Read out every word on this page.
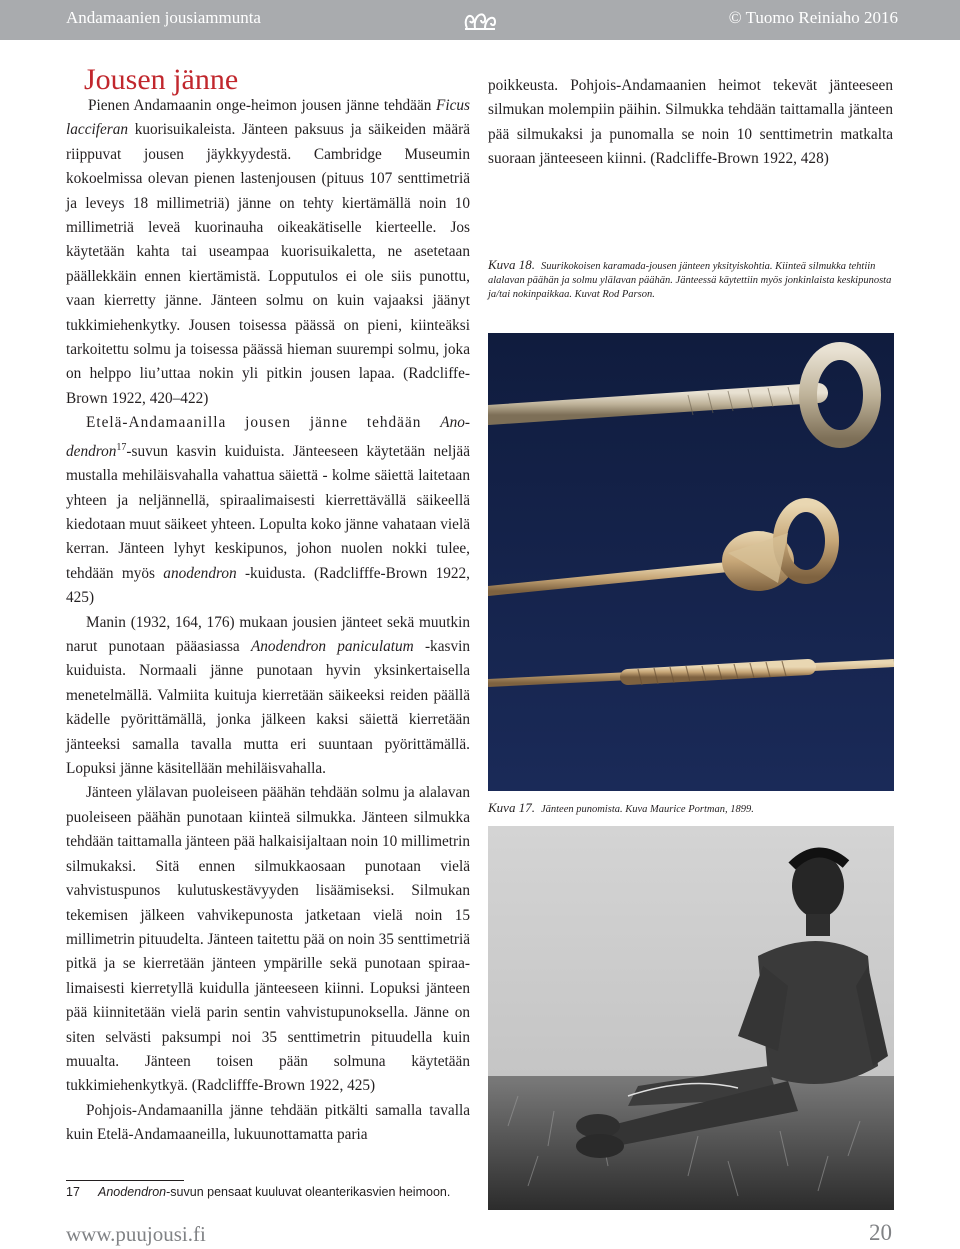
Andamaanien jousiammunta	© Tuomo Reiniaho 2016
Jousen jänne

Pienen Andamaanin onge-heimon jousen jänne tehdään Ficus lacciferan kuorisuikaleista. Jänteen paksuus ja säikeiden määrä riippuvat jousen jäykkyydestä. Cambridge Museumin kokoelmissa olevan pienen lastenjousen (pituus 107 senttimetriä ja leveys 18 millimetriä) jänne on tehty kiertämällä noin 10 millimetriä leveä kuorinauha oikeakätiselle kierteelle. Jos käytetään kahta tai useampaa kuorisuikaletta, ne asetetaan päällekkäin ennen kiertämistä. Lopputulos ei ole siis punottu, vaan kierretty jänne. Jänteen solmu on kuin vajaaksi jäänyt tukkimiehenkytky. Jousen toisessa päässä on pieni, kiinteäksi tarkoitettu solmu ja toisessa päässä hieman suurempi solmu, joka on helppo liu’uttaa nokin yli pitkin jousen lapaa. (Radcliffe-Brown 1922, 420–422)

Etelä-Andamaanilla jousen jänne tehdään Anodendron$^{17}$-suvun kasvin kuiduista. Jänteeseen käytetään neljää mustalla mehiläisvahalla vahattua säiettä - kolme säiettä laitetaan yhteen ja neljännellä, spiraalimaisesti kierrettävällä säikeellä kiedotaan muut säikeet yhteen. Lopulta koko jänne vahataan vielä kerran. Jänteen lyhyt keskipunos, johon nuolen nokki tulee, tehdään myös anodendron -kuidusta. (Radclifffe-Brown 1922, 425)

Manin (1932, 164, 176) mukaan jousien jänteet sekä muutkin narut punotaan pääasiassa Anodendron paniculatum -kasvin kuiduista. Normaali jänne punotaan hyvin yksinkertaisella menetelmällä. Valmiita kuituja kierretään säikeeksi reiden päällä kädelle pyörittämällä, jonka jälkeen kaksi säiettä kierretään jänteeksi samalla tavalla mutta eri suuntaan pyörittämällä. Lopuksi jänne käsitellään mehiläisvahalla.

Jänteen ylälavan puoleiseen päähän tehdään solmu ja alalavan puoleiseen päähän punotaan kiinteä silmukka. Jänteen silmukka tehdään taittamalla jänteen pää halkaisijaltaan noin 10 millimetrin silmukaksi. Sitä ennen silmukkaosaan punotaan vielä vahvistuspunos kulutuskestävyyden lisäämiseksi. Silmukan tekemisen jälkeen vahvikepunosta jatketaan vielä noin 15 millimetrin pituudelta. Jänteen taitettu pää on noin 35 senttimetriä pitkä ja se kierretään jänteen ympärille sekä punotaan spiraalimaisesti kierretyllä kuidulla jänteeseen kiinni. Lopuksi jänteen pää kiinnitetään vielä parin sentin vahvistupunoksella. Jänne on siten selvästi paksumpi noi 35 senttimetrin pituudella kuin muualta. Jänteen toisen pään solmuna käytetään tukkimiehenkytkyä. (Radclifffe-Brown 1922, 425)

Pohjois-Andamaanilla jänne tehdään pitkälti samalla tavalla kuin Etelä-Andamaaneilla, lukuunottamatta paria

poikkeusta. Pohjois-Andamaanien heimot tekevät jänteeseen silmukan molempiin päihin. Silmukka tehdään taittamalla jänteen pää silmukaksi ja punomalla se noin 10 senttimetrin matkalta suoraan jänteeseen kiinni. (Radcliffe-Brown 1922, 428)

Kuva 18. Suurikokoisen karamada-jousen jänteen yksityiskohtia. Kiinteä silmukka tehtiin alalavan päähän ja solmu ylälavan päähän. Jänteessä käytettiin myös jonkinlaista keskipunosta ja/tai nokinpaikkaa. Kuvat Rod Parson.
Kuva 17. Jänteen punomista. Kuva Maurice Portman, 1899.
17 Anodendron-suvun pensaat kuuluvat oleanterikasvien heimoon.
www.puujousi.fi	20
